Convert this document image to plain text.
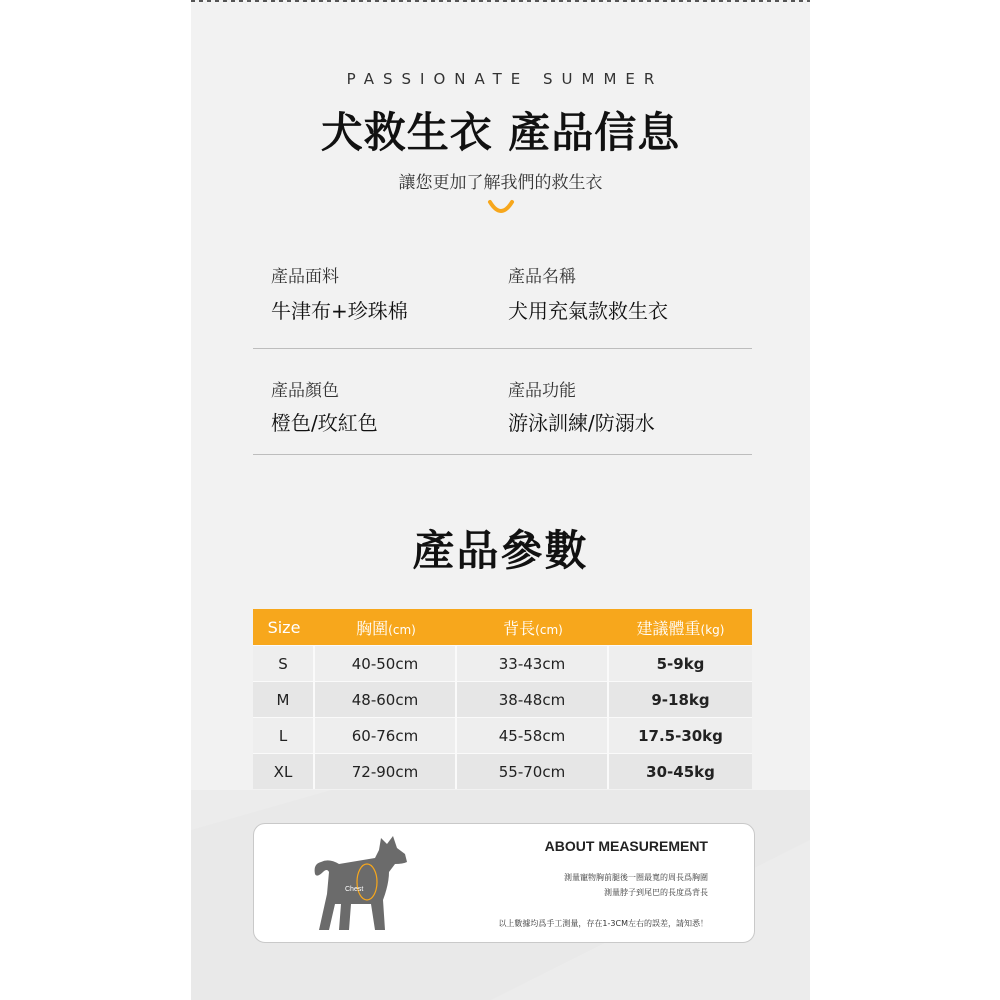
PASSIONATE SUMMER
犬救生衣 產品信息
讓您更加了解我們的救生衣
產品面料
牛津布+珍珠棉
產品名稱
犬用充氣款救生衣
產品顏色
橙色/玫紅色
產品功能
游泳訓練/防溺水
產品參數
Size	胸圍(cm)	背長(cm)	建議體重(kg)
S	40-50cm	33-43cm	5-9kg
M	48-60cm	38-48cm	9-18kg
L	60-76cm	45-58cm	17.5-30kg
XL	72-90cm	55-70cm	30-45kg
Chest
ABOUT MEASUREMENT
測量寵物胸前腿後一圈最寬的周長爲胸圍
測量脖子到尾巴的長度爲背長
以上數據均爲手工測量，存在1-3CM左右的誤差，請知悉！
